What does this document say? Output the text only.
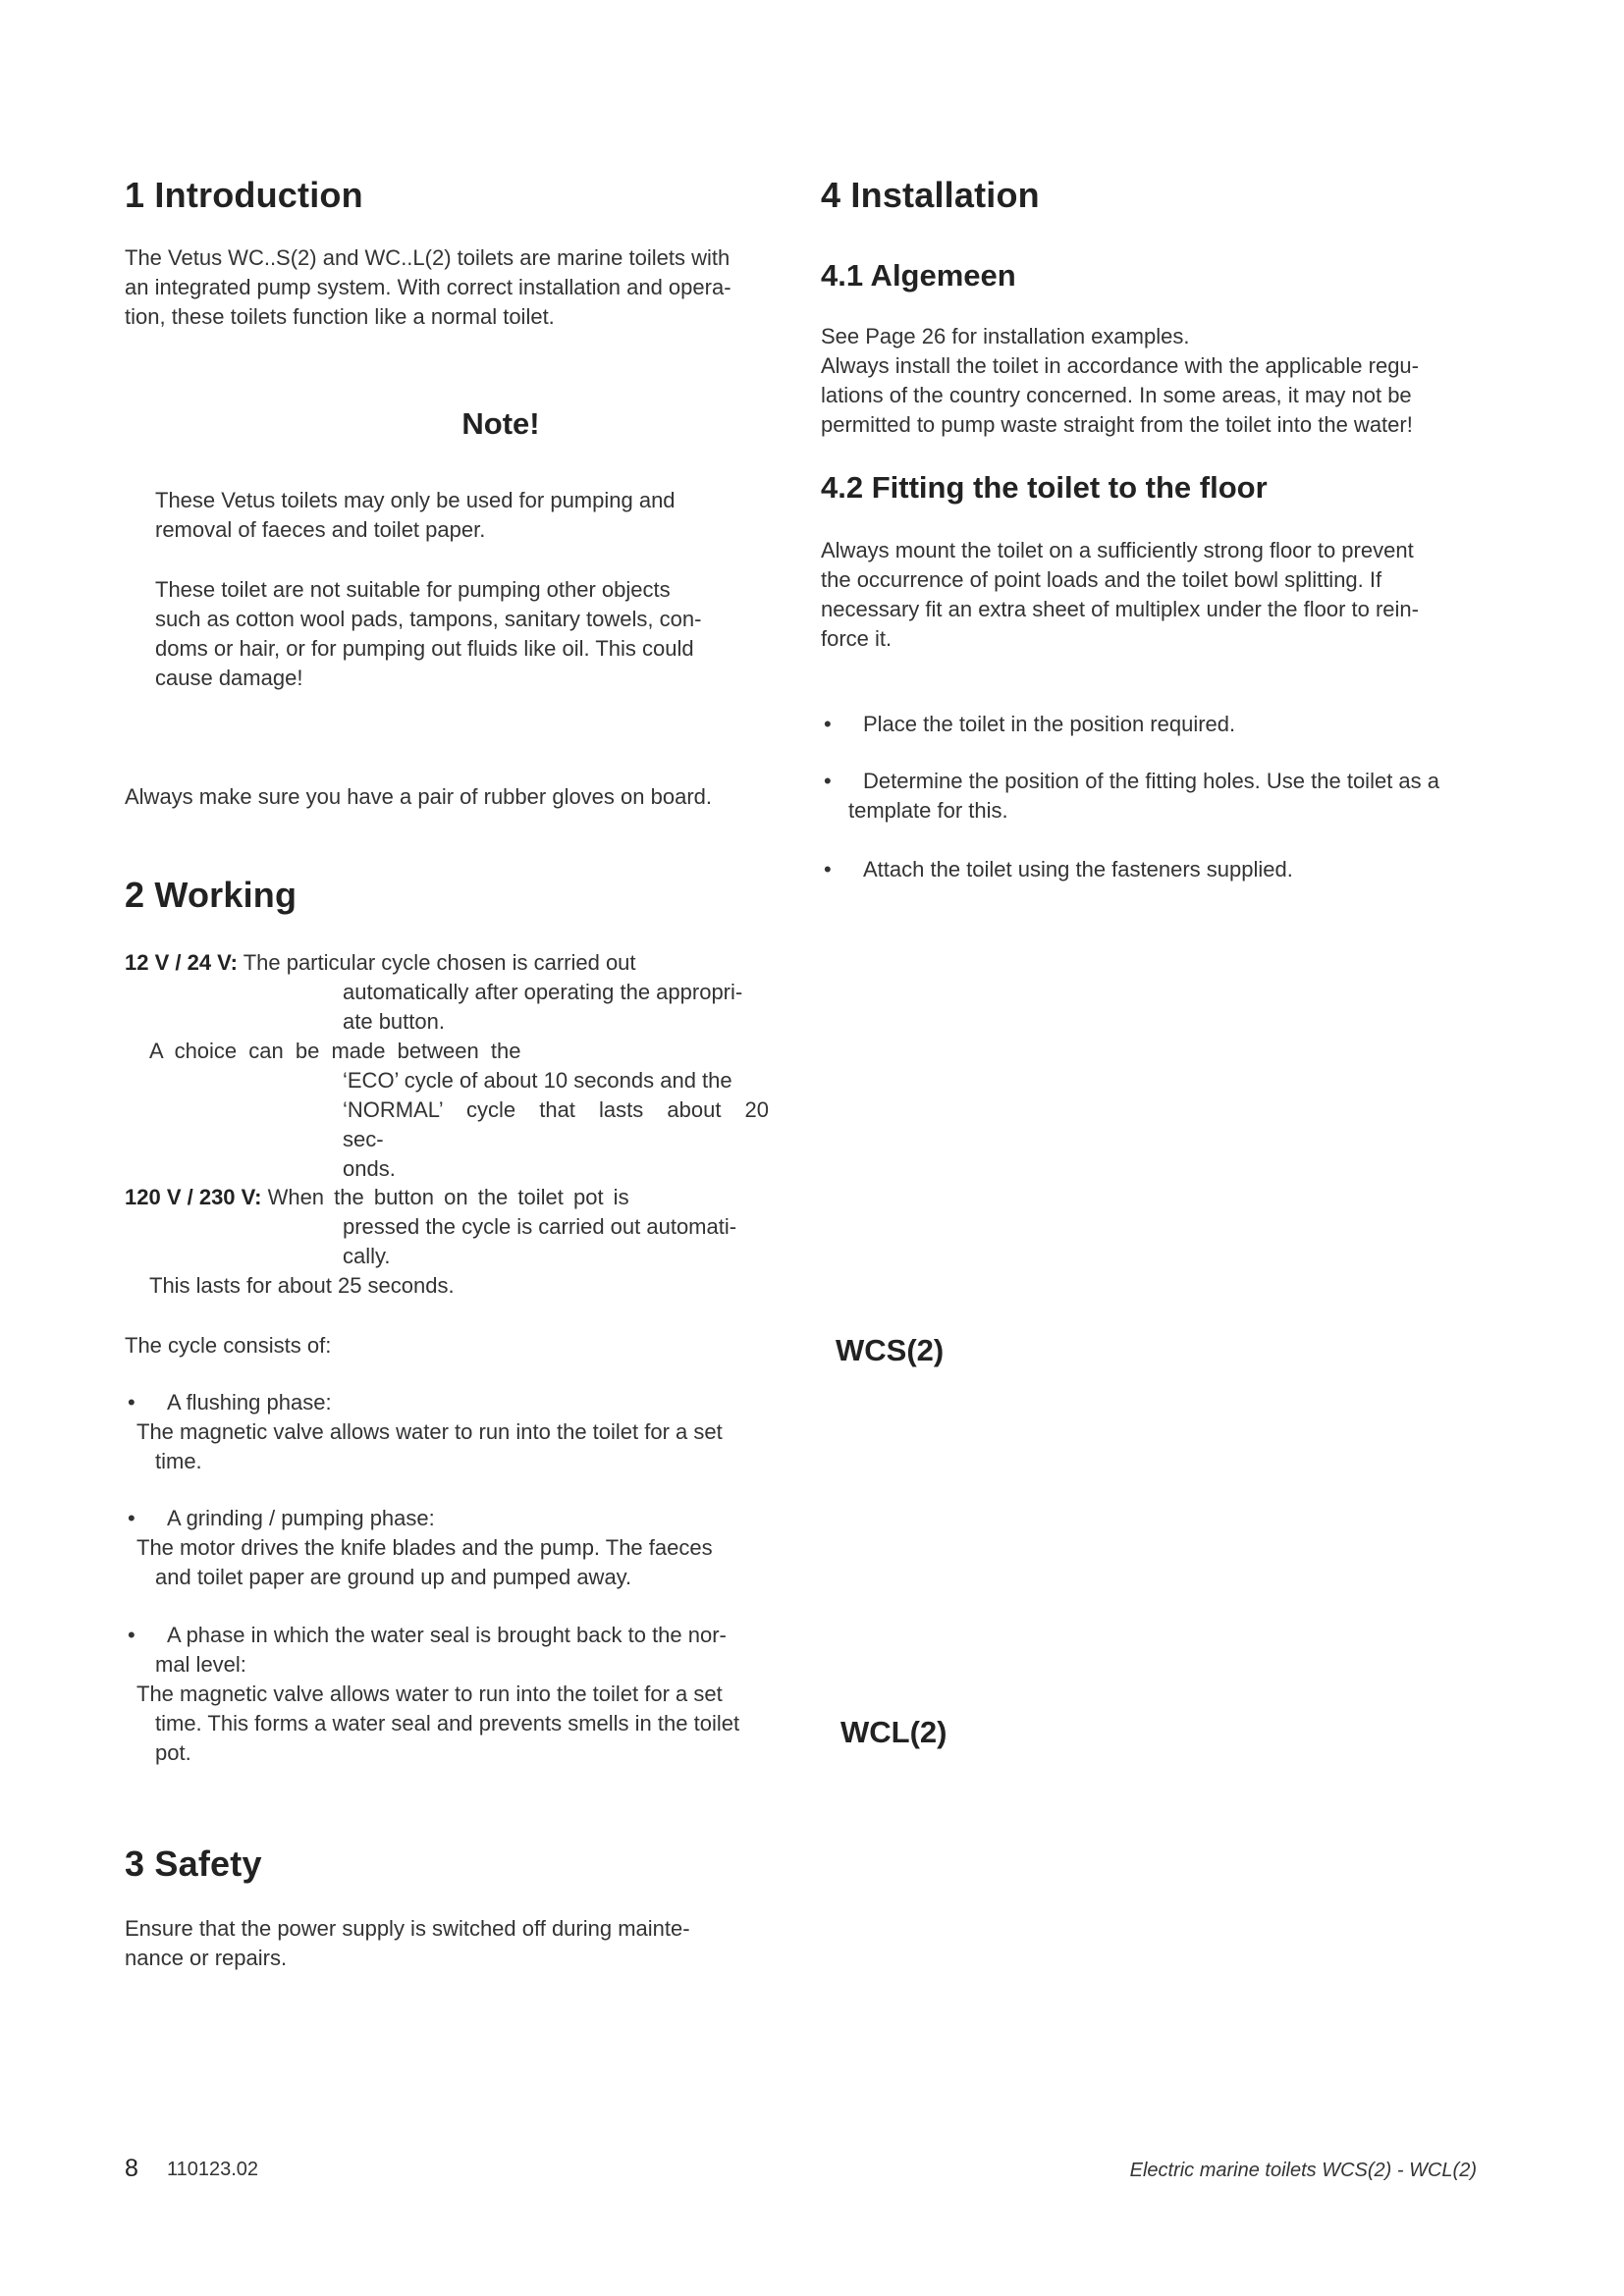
1 Introduction

The Vetus WC..S(2) and WC..L(2) toilets are marine toilets with

an integrated pump system. With correct installation and opera-

tion, these toilets function like a normal toilet.

Note!

These Vetus toilets may only be used for pumping and

removal of faeces and toilet paper.

These toilet are not suitable for pumping other objects

such as cotton wool pads, tampons, sanitary towels, con-

doms or hair, or for pumping out fluids like oil. This could

cause damage!

Always make sure you have a pair of rubber gloves on board.
2 Working

12 V / 24 V: The particular cycle chosen is carried out

automatically after operating the appropri-

ate button.

A choice can be made between the

‘ECO’ cycle of about 10 seconds and the

‘NORMAL’ cycle that lasts about 20 sec-

onds.

120 V / 230 V: When the button on the toilet pot is

pressed the cycle is carried out automati-

cally.

This lasts for about 25 seconds.

The cycle consists of:

• A flushing phase:

The magnetic valve allows water to run into the toilet for a set

time.

• A grinding / pumping phase:

The motor drives the knife blades and the pump. The faeces

and toilet paper are ground up and pumped away.

• A phase in which the water seal is brought back to the nor-

mal level:

The magnetic valve allows water to run into the toilet for a set

time. This forms a water seal and prevents smells in the toilet

pot.

3 Safety

Ensure that the power supply is switched off during mainte-

nance or repairs.

4 Installation
4.1 Algemeen

See Page 26 for installation examples.

Always install the toilet in accordance with the applicable regu-

lations of the country concerned. In some areas, it may not be

permitted to pump waste straight from the toilet into the water!

4.2 Fitting the toilet to the floor

Always mount the toilet on a sufficiently strong floor to prevent

the occurrence of point loads and the toilet bowl splitting. If

necessary fit an extra sheet of multiplex under the floor to rein-

force it.

• Place the toilet in the position required.

• Determine the position of the fitting holes. Use the toilet as a

template for this.

• Attach the toilet using the fasteners supplied.

WCS(2)
WCL(2)
8 110123.02	Electric marine toilets WCS(2) - WCL(2)
